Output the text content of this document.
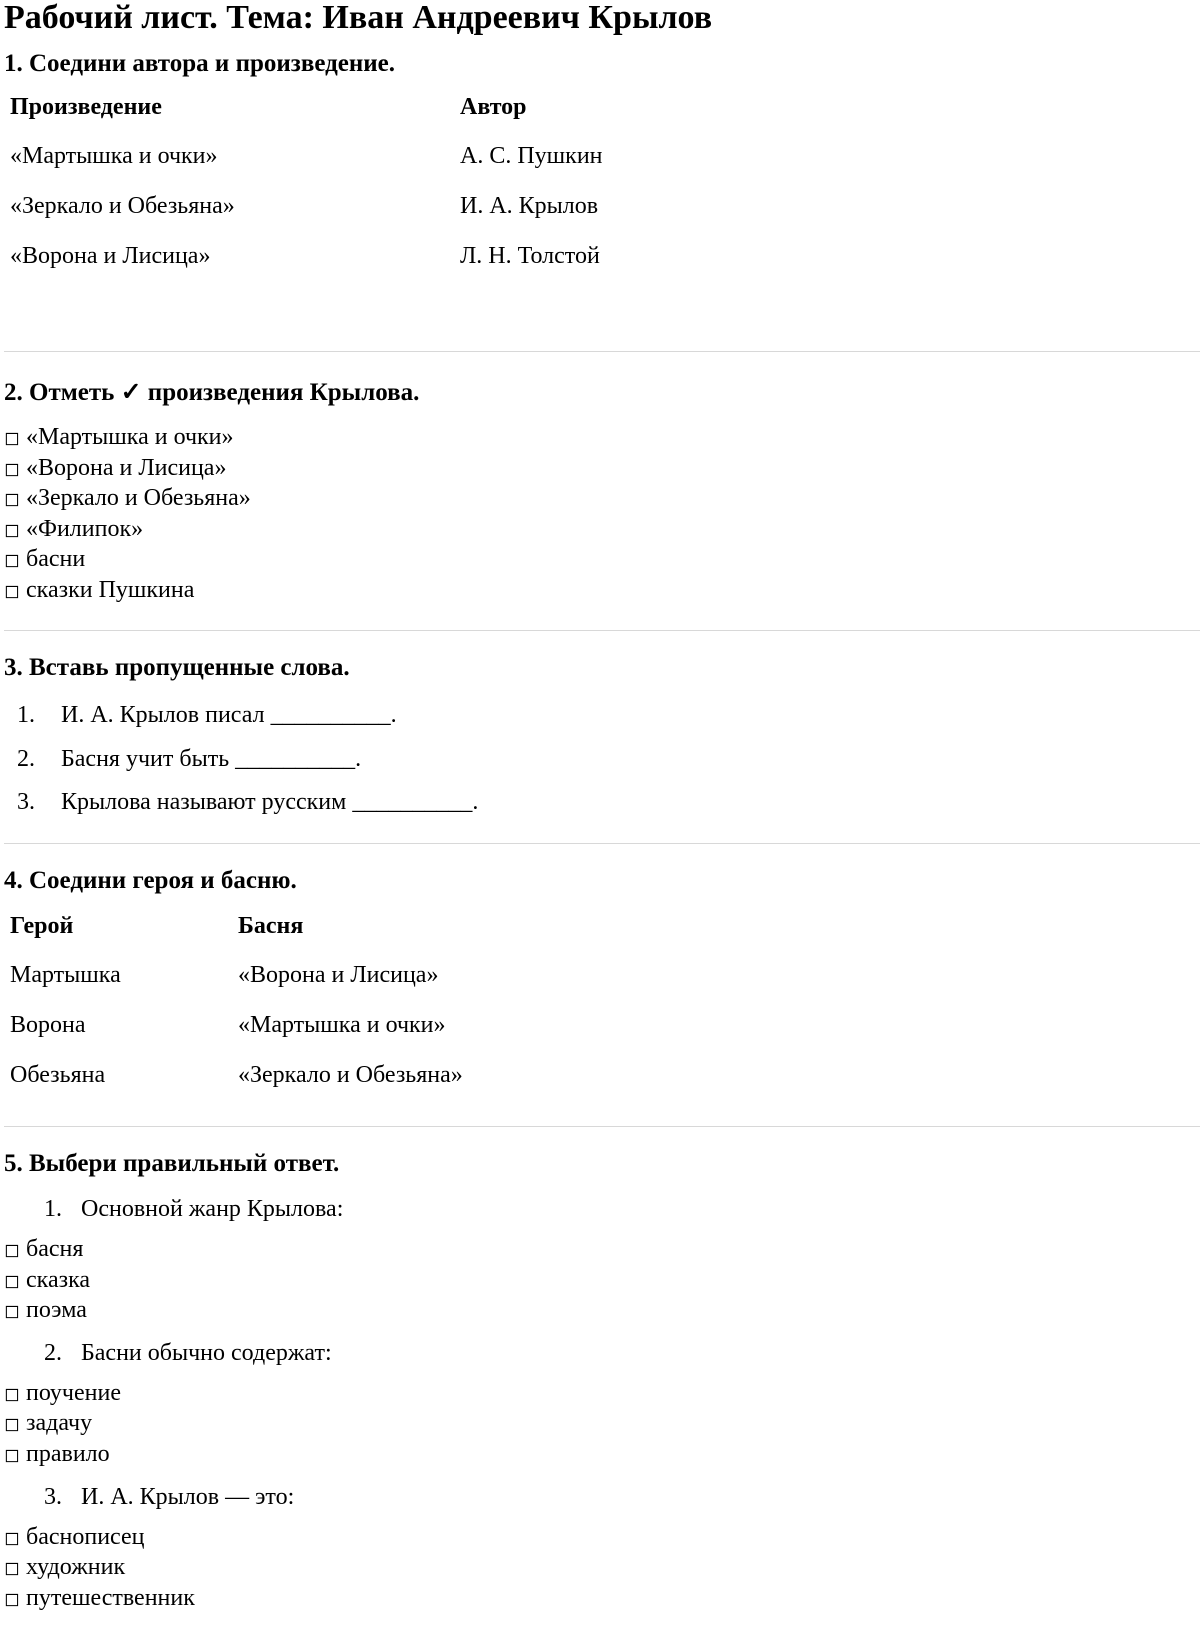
Рабочий лист. Тема: Иван Андреевич Крылов
1. Соедини автора и произведение.
Произведение	Автор
«Мартышка и очки»	А. С. Пушкин
«Зеркало и Обезьяна»	И. А. Крылов
«Ворона и Лисица»	Л. Н. Толстой
2. Отметь ✓ произведения Крылова.
◻ «Мартышка и очки»
◻ «Ворона и Лисица»
◻ «Зеркало и Обезьяна»
◻ «Филипок»
◻ басни
◻ сказки Пушкина
3. Вставь пропущенные слова.
1. И. А. Крылов писал __________.
2. Басня учит быть __________.
3. Крылова называют русским __________.
4. Соедини героя и басню.
Герой	Басня
Мартышка	«Ворона и Лисица»
Ворона	«Мартышка и очки»
Обезьяна	«Зеркало и Обезьяна»
5. Выбери правильный ответ.
1. Основной жанр Крылова:
◻ басня
◻ сказка
◻ поэма
2. Басни обычно содержат:
◻ поучение
◻ задачу
◻ правило
3. И. А. Крылов — это:
◻ баснописец
◻ художник
◻ путешественник
